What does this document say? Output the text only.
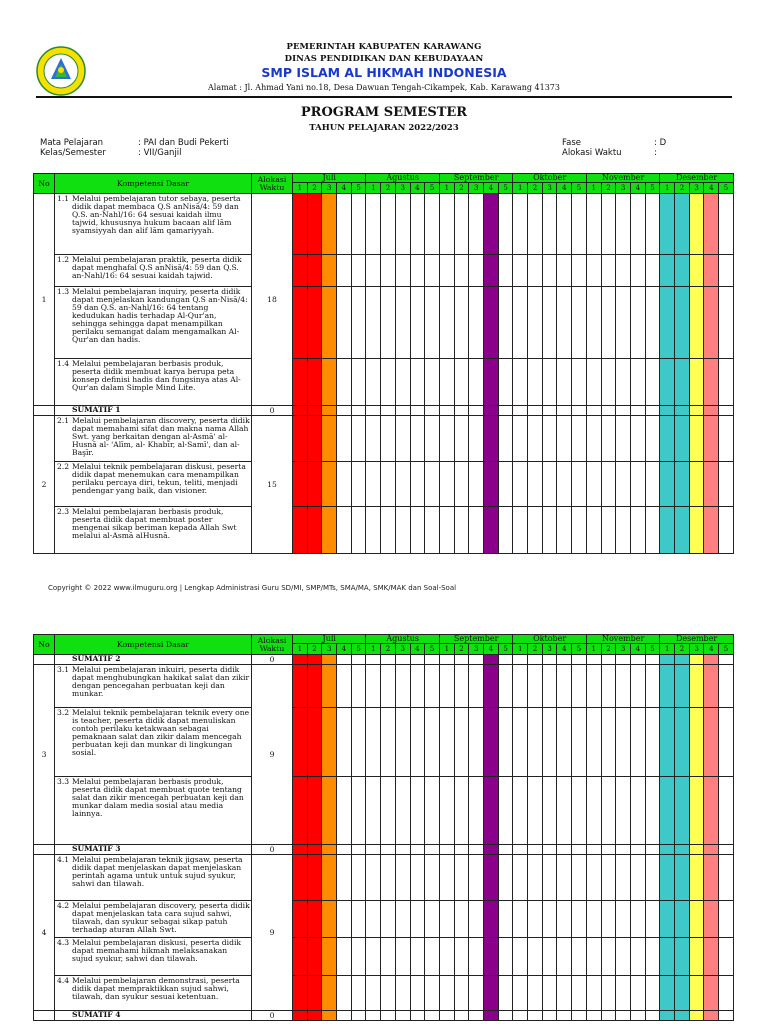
PEMERINTAH KABUPATEN KARAWANG
DINAS PENDIDIKAN DAN KEBUDAYAAN
SMP ISLAM AL HIKMAH INDONESIA
Alamat : Jl. Ahmad Yani no.18, Desa Dawuan Tengah-Cikampek, Kab. Karawang 41373
PROGRAM SEMESTER
TAHUN PELAJARAN 2022/2023
Mata Pelajaran	: PAI dan Budi Pekerti
Kelas/Semester	: VII/Ganjil
Fase	: D
Alokasi Waktu	:
No	Kompetensi Dasar	Alokasi Waktu	Juli					Agustus					September					Oktober					November					Desember				
			1	2	3	4	5	1	2	3	4	5	1	2	3	4	5	1	2	3	4	5	1	2	3	4	5	1	2	3	4	5
1	1.1 Melalui pembelajaran tutor sebaya, peserta didik dapat membaca Q.S anNisā/4: 59 dan Q.S. an-Nahl/16: 64 sesuai kaidah ilmu tajwid, khususnya hukum bacaan alif lām syamsiyyah dan alif lām qamariyyah.	18																														

	1.2 Melalui pembelajaran praktik, peserta didik dapat menghafal Q.S anNisā/4: 59 dan Q.S. an-Nahl/16: 64 sesuai kaidah tajwid.																															

	1.3 Melalui pembelajaran inquiry, peserta didik dapat menjelaskan kandungan Q.S an-Nisā/4: 59 dan Q.S. an-Nahl/16: 64 tentang kedudukan hadis terhadap Al-Qur'an, sehingga sehingga dapat menampilkan perilaku semangat dalam mengamalkan Al-Qur'an dan hadis.																															

	1.4 Melalui pembelajaran berbasis produk, peserta didik membuat karya berupa peta konsep definisi hadis dan fungsinya atas Al-Qur'an dalam Simple Mind Lite.																															

	SUMATIF 1	0																														
2	2.1 Melalui pembelajaran discovery, peserta didik dapat memahami sifat dan makna nama Allah Swt. yang berkaitan dengan al-Asmā' al-Husnā al- 'Alīm, al- Khabīr, al-Samī', dan al-Başīr.	15																														

	2.2 Melalui teknik pembelajaran diskusi, peserta didik dapat menemukan cara menampilkan perilaku percaya diri, tekun, teliti, menjadi pendengar yang baik, dan visioner.																															

	2.3 Melalui pembelajaran berbasis produk, peserta didik dapat membuat poster mengenai sikap beriman kepada Allah Swt melalui al-Asmā alHusnā.																															

Copyright © 2022 www.ilmuguru.org | Lengkap Administrasi Guru SD/MI, SMP/MTs, SMA/MA, SMK/MAK dan Soal-Soal
No	Kompetensi Dasar	Alokasi Waktu	Juli					Agustus					September					Oktober					November					Desember				
			1	2	3	4	5	1	2	3	4	5	1	2	3	4	5	1	2	3	4	5	1	2	3	4	5	1	2	3	4	5

	SUMATIF 2	0																														
3	3.1 Melalui pembelajaran inkuiri, peserta didik dapat menghubungkan hakikat salat dan zikir dengan pencegahan perbuatan keji dan munkar.	9																														

	3.2 Melalui teknik pembelajaran teknik every one is teacher, peserta didik dapat menuliskan contoh perilaku ketakwaan sebagai pemaknaan salat dan zikir dalam mencegah perbuatan keji dan munkar di lingkungan sosial.																															

	3.3 Melalui pembelajaran berbasis produk, peserta didik dapat membuat quote tentang salat dan zikir mencegah perbuatan keji dan munkar dalam media sosial atau media lainnya.																															

	SUMATIF 3	0																														
4	4.1 Melalui pembelajaran teknik jigsaw, peserta didik dapat menjelaskan dapat menjelaskan perintah agama untuk untuk sujud syukur, sahwi dan tilawah.	9																														

	4.2 Melalui pembelajaran discovery, peserta didik dapat menjelaskan tata cara sujud sahwi, tilawah, dan syukur sebagai sikap patuh terhadap aturan Allah Swt.																															

	4.3 Melalui pembelajaran diskusi, peserta didik dapat memahami hikmah melaksanakan sujud syukur, sahwi dan tilawah.																															

	4.4 Melalui pembelajaran demonstrasi, peserta didik dapat mempraktikkan sujud sahwi, tilawah, dan syukur sesuai ketentuan.																															

	SUMATIF 4	0																														
